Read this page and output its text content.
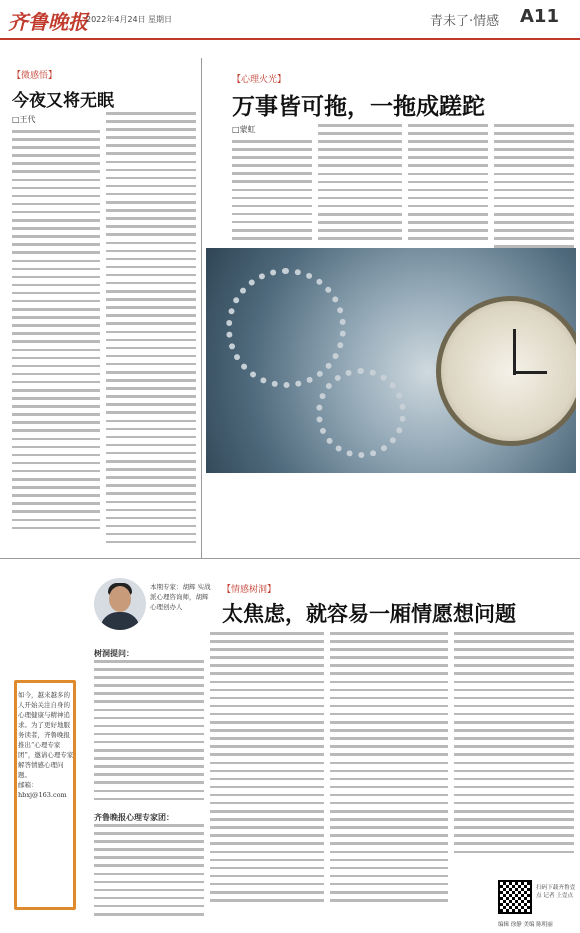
齐鲁晚报
2022年4月24日 星期日	青未了·情感 A11
【微感悟】
今夜又将无眠
□王代
【心理火光】
万事皆可拖，一拖成蹉跎
□蒙虹
【情感树洞】
本期专家：胡辉 实战派心理咨询师，胡辉心理创办人	太焦虑，就容易一厢情愿想问题
树洞提问：
齐鲁晚报心理专家团：
如今，越来越多的人开始关注自身的心理健康与精神追求。为了更好地服务读者，齐鲁晚报推出“心理专家团”，邀请心理专家解答情感心理问题。
邮箱：hbxj@163.com
扫码下载齐鲁壹点 记者 上壹点
编辑 徐静 美编 陈明丽
